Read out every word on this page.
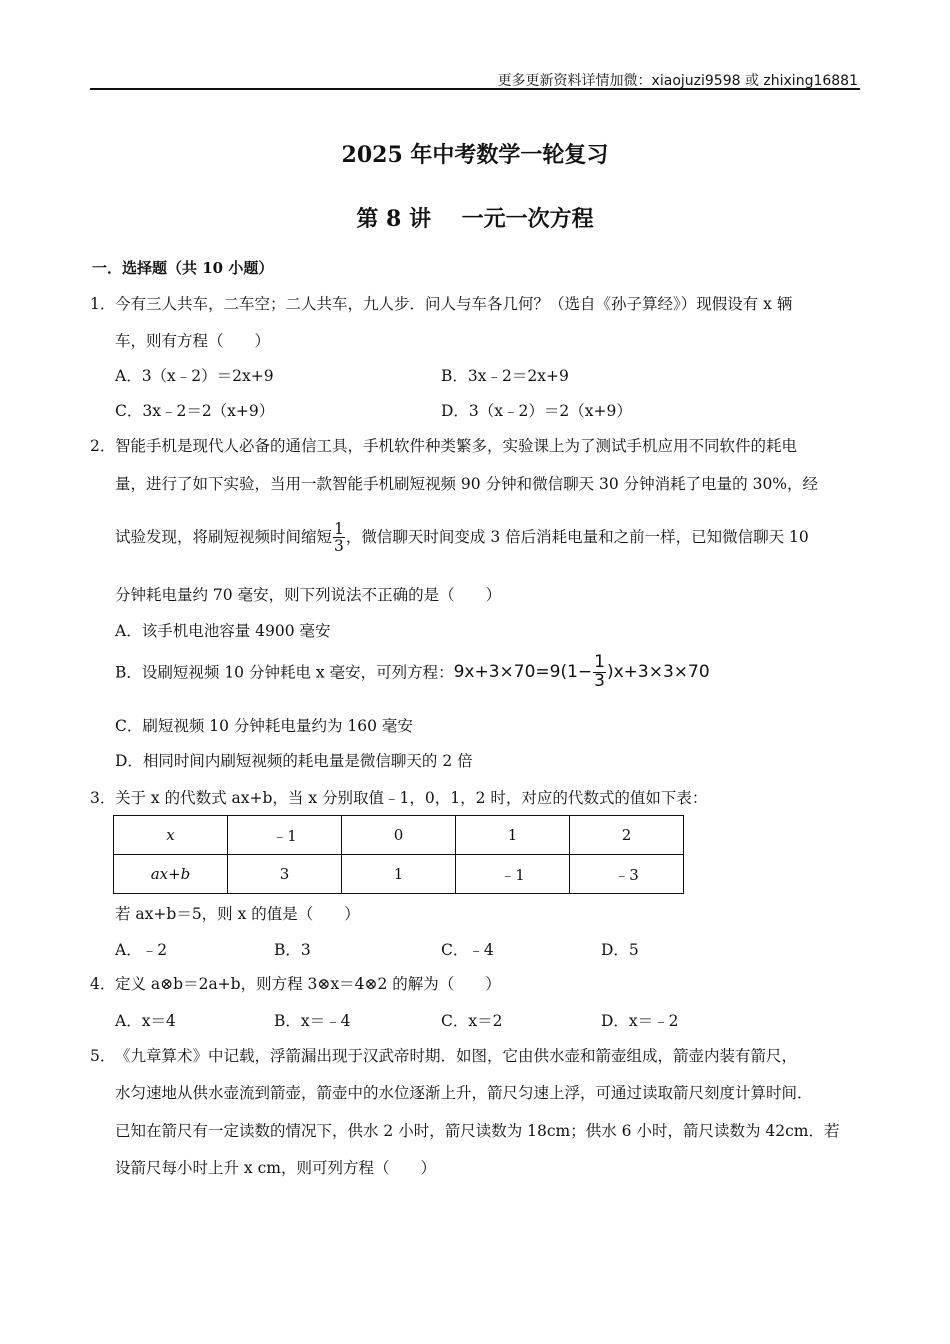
更多更新资料详情加微：xiaojuzi9598 或 zhixing16881
2025 年中考数学一轮复习
第 8 讲    一元一次方程
一．选择题（共 10 小题）
1． 今有三人共车，二车空；二人共车，九人步．问人与车各几何？（选自《孙子算经》）现假设有 x 辆
车，则有方程（　　）
A．3（x﹣2）＝2x+9	B．3x﹣2＝2x+9
C．3x﹣2＝2（x+9）	D．3（x﹣2）＝2（x+9）
2． 智能手机是现代人必备的通信工具，手机软件种类繁多，实验课上为了测试手机应用不同软件的耗电
量，进行了如下实验，当用一款智能手机刷短视频 90 分钟和微信聊天 30 分钟消耗了电量的 30%，经
试验发现，将刷短视频时间缩短 $\frac{1}{3}$ ，微信聊天时间变成 3 倍后消耗电量和之前一样，已知微信聊天 10
分钟耗电量约 70 毫安，则下列说法不正确的是（　　）
A．该手机电池容量 4900 毫安
B．设刷短视频 10 分钟耗电 x 毫安，可列方程：$9x+3\times 70=9(1- \frac{1}{3} )x+3\times 3\times 70$
C．刷短视频 10 分钟耗电量约为 160 毫安
D．相同时间内刷短视频的耗电量是微信聊天的 2 倍
3． 关于 x 的代数式 ax+b，当 x 分别取值﹣1，0，1，2 时，对应的代数式的值如下表：
x	﹣1	0	1	2
ax+b	3	1	﹣1	﹣3
若 ax+b＝5，则 x 的值是（　　）
A．﹣2	B．3	C．﹣4	D．5
4． 定义 a⊗b＝2a+b，则方程 3⊗x＝4⊗2 的解为（　　）
A．x＝4	B．x＝﹣4	C．x＝2	D．x＝﹣2
5． 《九章算术》中记载，浮箭漏出现于汉武帝时期．如图，它由供水壶和箭壶组成，箭壶内装有箭尺，
水匀速地从供水壶流到箭壶，箭壶中的水位逐渐上升，箭尺匀速上浮，可通过读取箭尺刻度计算时间．
已知在箭尺有一定读数的情况下，供水 2 小时，箭尺读数为 18cm；供水 6 小时，箭尺读数为 42cm．若
设箭尺每小时上升 x cm，则可列方程（　　）
